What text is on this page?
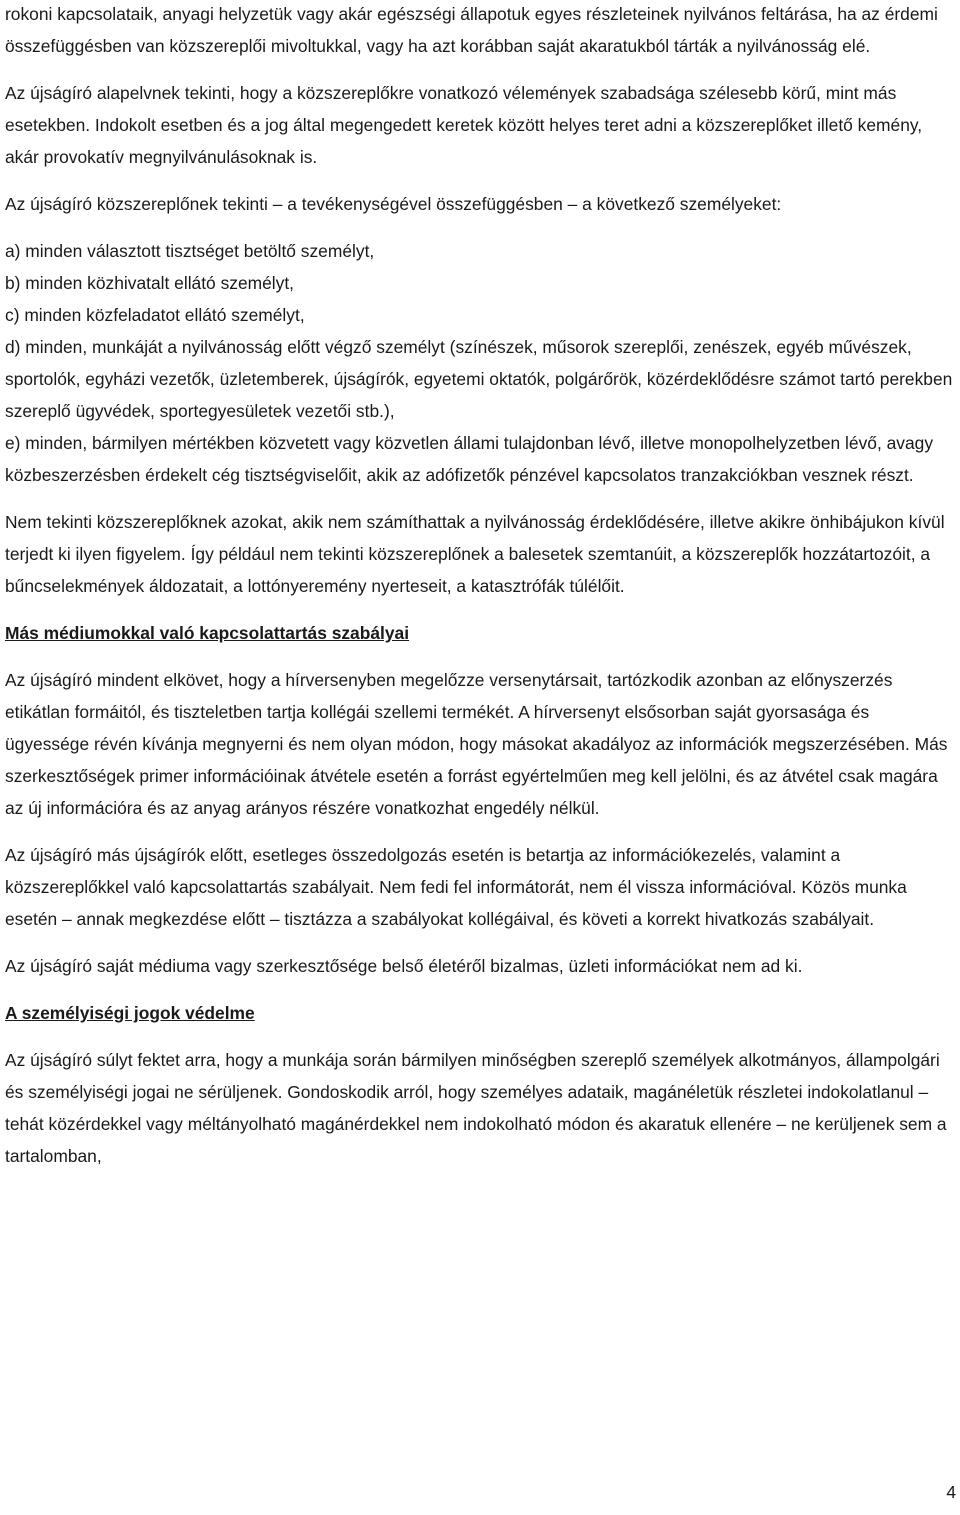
rokoni kapcsolataik, anyagi helyzetük vagy akár egészségi állapotuk egyes részleteinek nyilvános feltárása, ha az érdemi összefüggésben van közszereplői mivoltukkal, vagy ha azt korábban saját akaratukból tárták a nyilvánosság elé.

Az újságíró alapelvnek tekinti, hogy a közszereplőkre vonatkozó vélemények szabadsága szélesebb körű, mint más esetekben. Indokolt esetben és a jog által megengedett keretek között helyes teret adni a közszereplőket illető kemény, akár provokatív megnyilvánulásoknak is.

Az újságíró közszereplőnek tekinti – a tevékenységével összefüggésben – a következő személyeket:

a) minden választott tisztséget betöltő személyt,
b) minden közhivatalt ellátó személyt,
c) minden közfeladatot ellátó személyt,
d) minden, munkáját a nyilvánosság előtt végző személyt (színészek, műsorok szereplői, zenészek, egyéb művészek, sportolók, egyházi vezetők, üzletemberek, újságírók, egyetemi oktatók, polgárőrök, közérdeklődésre számot tartó perekben szereplő ügyvédek, sportegyesületek vezetői stb.),
e) minden, bármilyen mértékben közvetett vagy közvetlen állami tulajdonban lévő, illetve monopolhelyzetben lévő, avagy közbeszerzésben érdekelt cég tisztségviselőit, akik az adófizetők pénzével kapcsolatos tranzakciókban vesznek részt.

Nem tekinti közszereplőknek azokat, akik nem számíthattak a nyilvánosság érdeklődésére, illetve akikre önhibájukon kívül terjedt ki ilyen figyelem. Így például nem tekinti közszereplőnek a balesetek szemtanúit, a közszereplők hozzátartozóit, a bűncselekmények áldozatait, a lottónyeremény nyerteseit, a katasztrófák túlélőit.

Más médiumokkal való kapcsolattartás szabályai

Az újságíró mindent elkövet, hogy a hírversenyben megelőzze versenytársait, tartózkodik azonban az előnyszerzés etikátlan formáitól, és tiszteletben tartja kollégái szellemi termékét. A hírversenyt elsősorban saját gyorsasága és ügyessége révén kívánja megnyerni és nem olyan módon, hogy másokat akadályoz az információk megszerzésében. Más szerkesztőségek primer információinak átvétele esetén a forrást egyértelműen meg kell jelölni, és az átvétel csak magára az új információra és az anyag arányos részére vonatkozhat engedély nélkül.

Az újságíró más újságírók előtt, esetleges összedolgozás esetén is betartja az információkezelés, valamint a közszereplőkkel való kapcsolattartás szabályait. Nem fedi fel informátorát, nem él vissza információval. Közös munka esetén – annak megkezdése előtt – tisztázza a szabályokat kollégáival, és követi a korrekt hivatkozás szabályait.

Az újságíró saját médiuma vagy szerkesztősége belső életéről bizalmas, üzleti információkat nem ad ki.

A személyiségi jogok védelme

Az újságíró súlyt fektet arra, hogy a munkája során bármilyen minőségben szereplő személyek alkotmányos, állampolgári és személyiségi jogai ne sérüljenek. Gondoskodik arról, hogy személyes adataik, magánéletük részletei indokolatlanul – tehát közérdekkel vagy méltányolható magánérdekkel nem indokolható módon és akaratuk ellenére – ne kerüljenek sem a tartalomban,

4
